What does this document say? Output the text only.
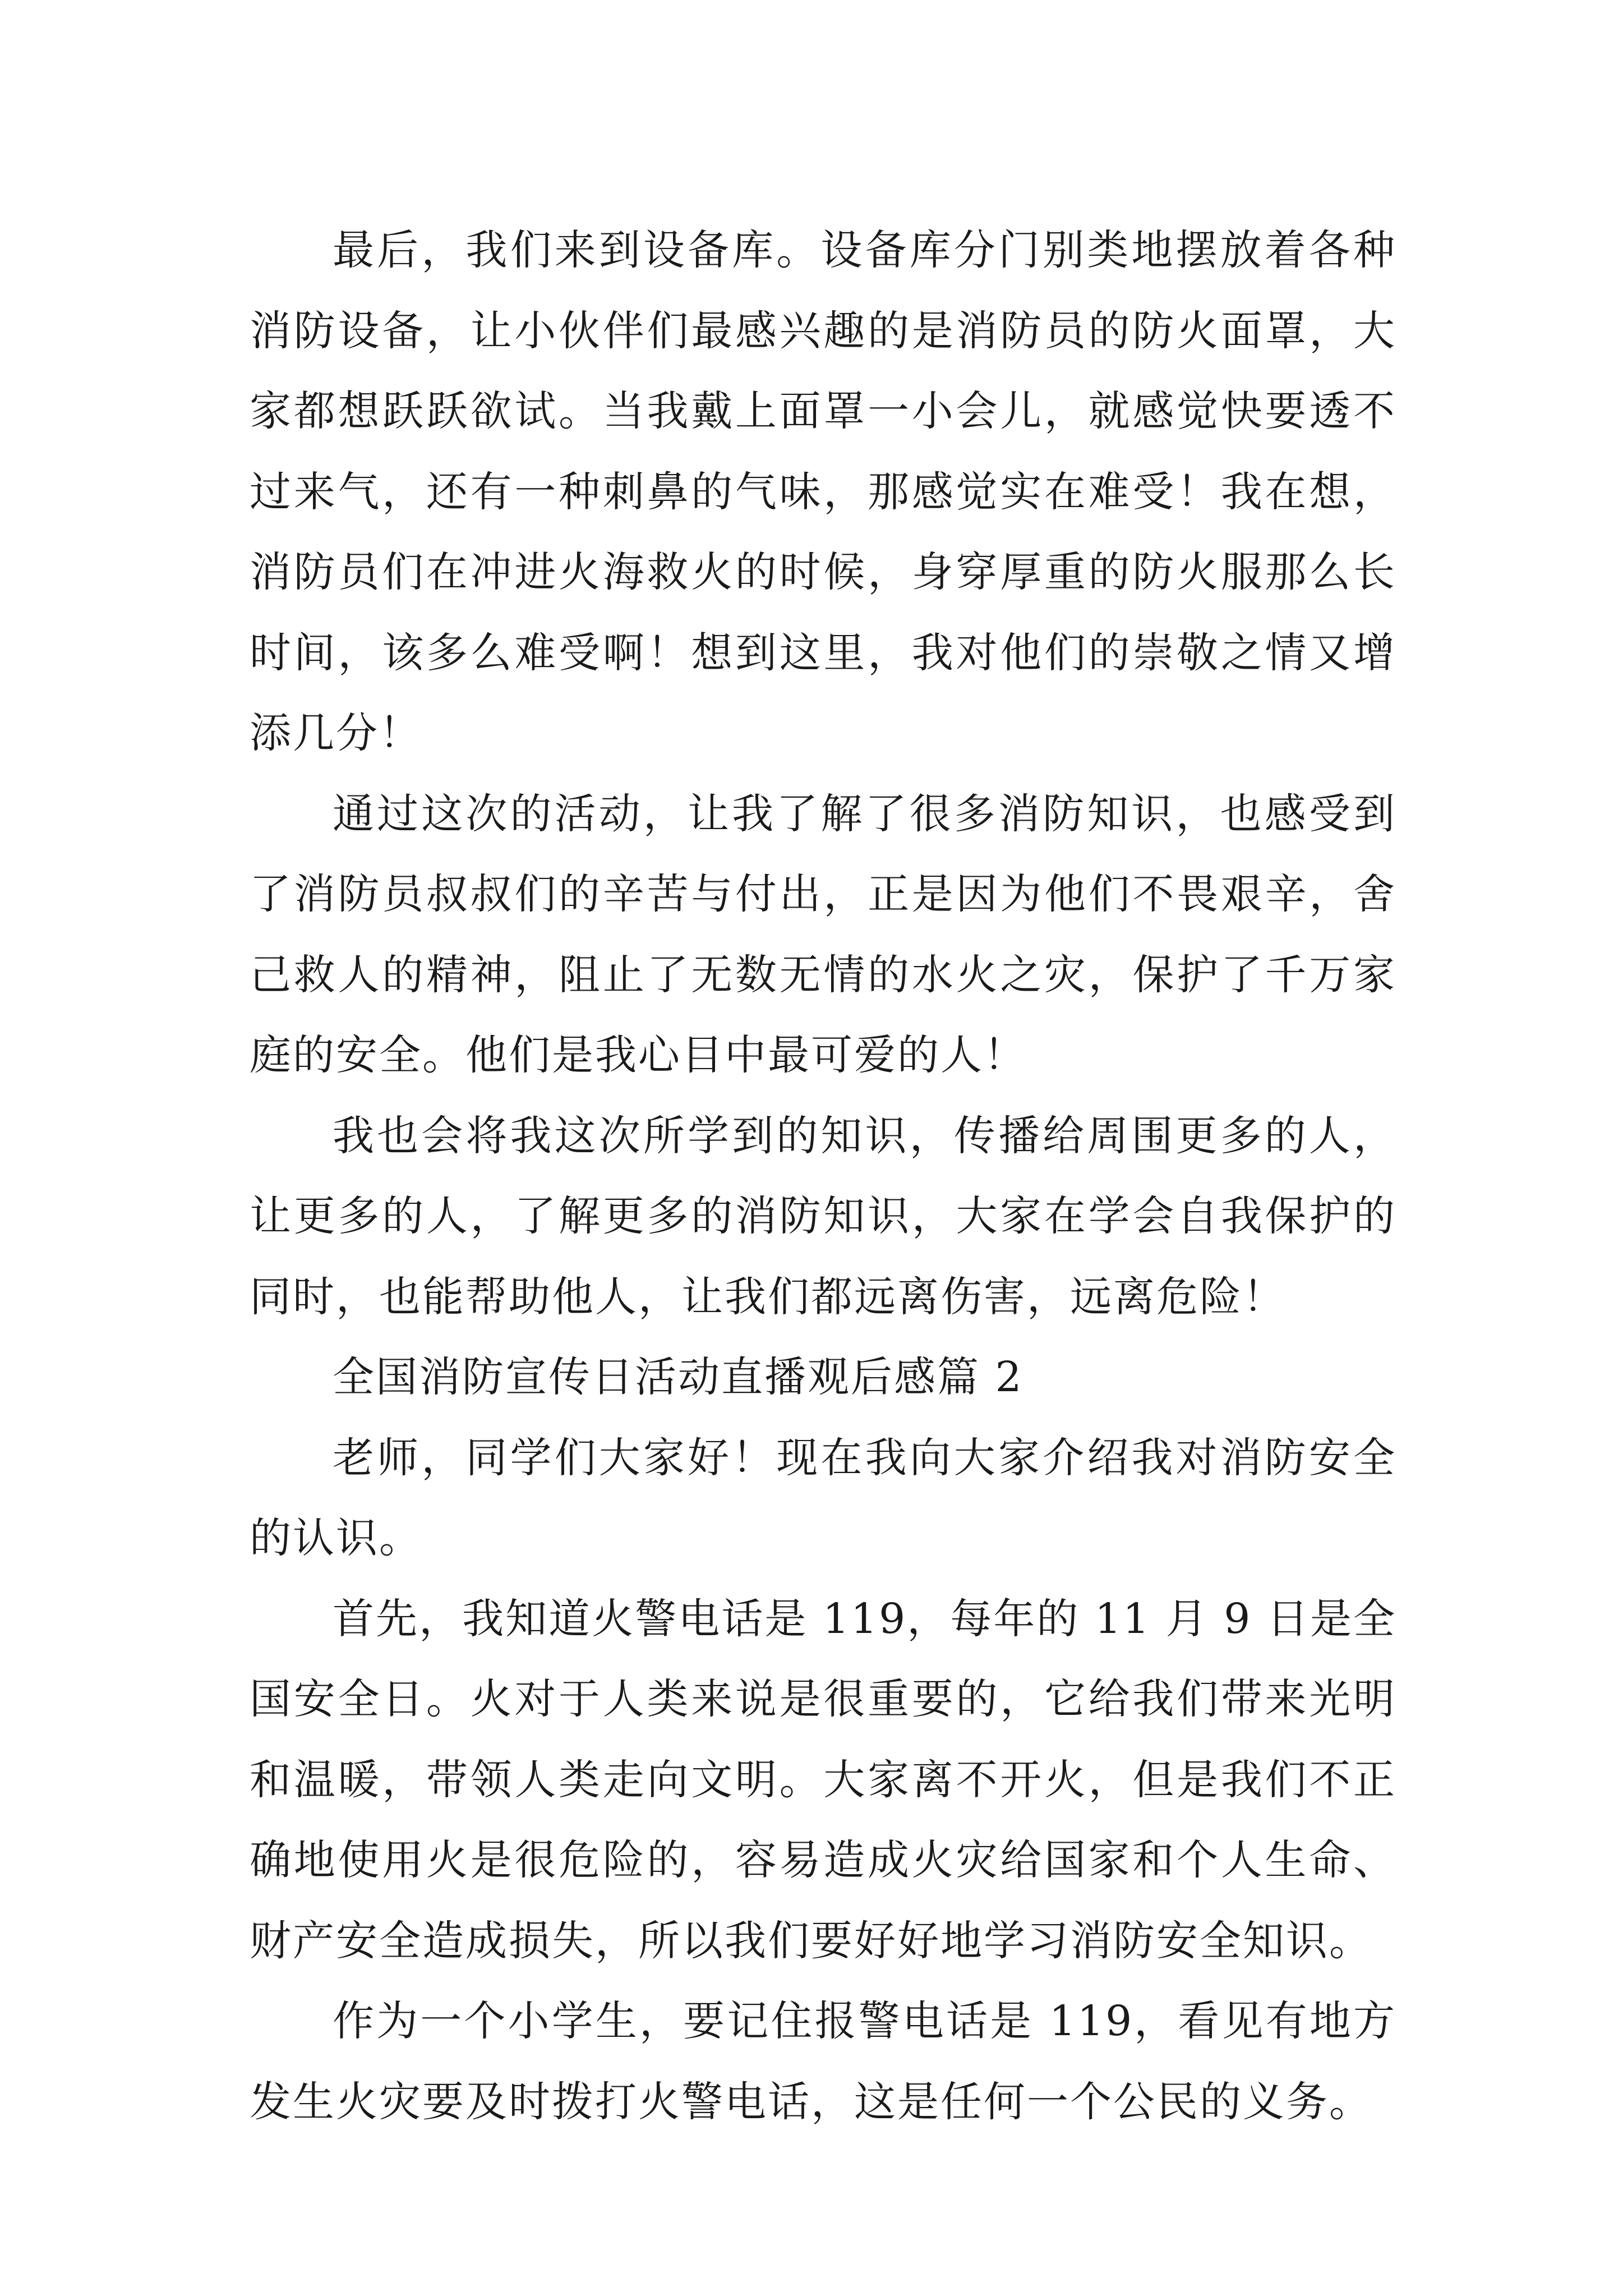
最后，我们来到设备库。设备库分门别类地摆放着各种消防设备，让小伙伴们最感兴趣的是消防员的防火面罩，大家都想跃跃欲试。当我戴上面罩一小会儿，就感觉快要透不过来气，还有一种刺鼻的气味，那感觉实在难受！我在想，消防员们在冲进火海救火的时候，身穿厚重的防火服那么长时间，该多么难受啊！想到这里，我对他们的崇敬之情又增添几分！

通过这次的活动，让我了解了很多消防知识，也感受到了消防员叔叔们的辛苦与付出，正是因为他们不畏艰辛，舍己救人的精神，阻止了无数无情的水火之灾，保护了千万家庭的安全。他们是我心目中最可爱的人！

我也会将我这次所学到的知识，传播给周围更多的人，让更多的人，了解更多的消防知识，大家在学会自我保护的同时，也能帮助他人，让我们都远离伤害，远离危险！

全国消防宣传日活动直播观后感篇 2

老师，同学们大家好！现在我向大家介绍我对消防安全的认识。

首先，我知道火警电话是 119，每年的 11 月 9 日是全国安全日。火对于人类来说是很重要的，它给我们带来光明和温暖，带领人类走向文明。大家离不开火，但是我们不正确地使用火是很危险的，容易造成火灾给国家和个人生命、财产安全造成损失，所以我们要好好地学习消防安全知识。

作为一个小学生，要记住报警电话是 119，看见有地方发生火灾要及时拨打火警电话，这是任何一个公民的义务。
